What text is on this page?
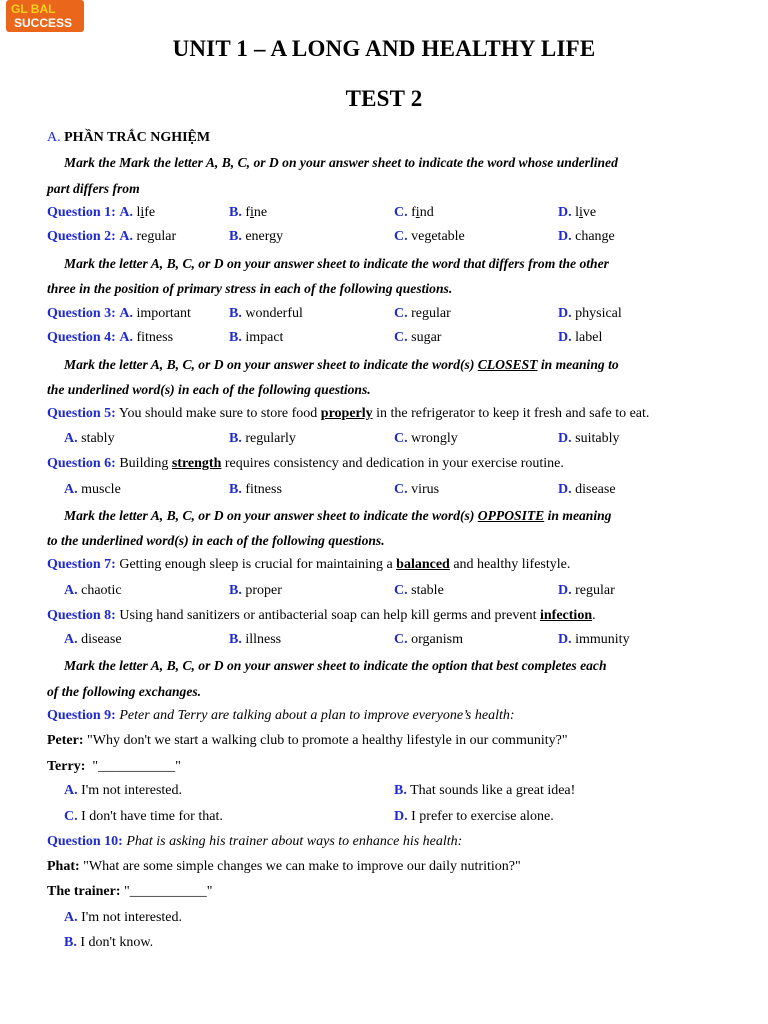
GL BAL
SUCCESS
UNIT 1 – A LONG AND HEALTHY LIFE
TEST 2
A. PHẦN TRẮC NGHIỆM
Mark the Mark the letter A, B, C, or D on your answer sheet to indicate the word whose underlined
part differs from
Question 1: A. life	B. fine	C. find	D. live
Question 2: A. regular	B. energy	C. vegetable	D. change
Mark the letter A, B, C, or D on your answer sheet to indicate the word that differs from the other
three in the position of primary stress in each of the following questions.
Question 3: A. important	B. wonderful	C. regular	D. physical
Question 4: A. fitness	B. impact	C. sugar	D. label
Mark the letter A, B, C, or D on your answer sheet to indicate the word(s) CLOSEST in meaning to
the underlined word(s) in each of the following questions.
Question 5: You should make sure to store food properly in the refrigerator to keep it fresh and safe to eat.
A. stably	B. regularly	C. wrongly	D. suitably
Question 6: Building strength requires consistency and dedication in your exercise routine.
A. muscle	B. fitness	C. virus	D. disease
Mark the letter A, B, C, or D on your answer sheet to indicate the word(s) OPPOSITE in meaning
to the underlined word(s) in each of the following questions.
Question 7: Getting enough sleep is crucial for maintaining a balanced and healthy lifestyle.
A. chaotic	B. proper	C. stable	D. regular
Question 8: Using hand sanitizers or antibacterial soap can help kill germs and prevent infection.
A. disease	B. illness	C. organism	D. immunity
Mark the letter A, B, C, or D on your answer sheet to indicate the option that best completes each
of the following exchanges.
Question 9: Peter and Terry are talking about a plan to improve everyone’s health:
Peter: "Why don't we start a walking club to promote a healthy lifestyle in our community?"
Terry:  "___________"
A. I'm not interested.	B. That sounds like a great idea!
C. I don't have time for that.	D. I prefer to exercise alone.
Question 10: Phat is asking his trainer about ways to enhance his health:
Phat: "What are some simple changes we can make to improve our daily nutrition?"
The trainer: "___________"
A. I'm not interested.
B. I don't know.
